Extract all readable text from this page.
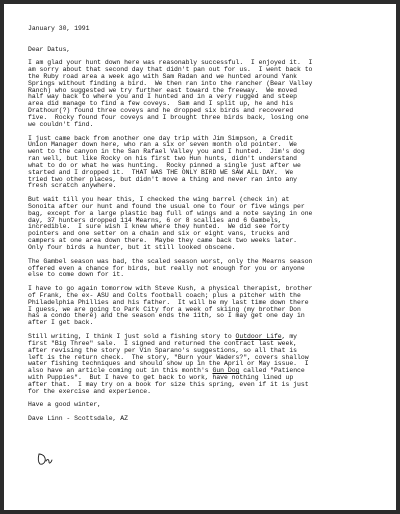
January 30, 1991
Dear Datus,
I am glad your hunt down here was reasonably successful.  I enjoyed it.  I
am sorry about that second day that didn't pan out for us.  I went back to
the Ruby road area a week ago with Sam Radan and we hunted around Yank
Springs without finding a bird.  We then ran into the rancher (Bear Valley
Ranch) who suggested we try further east toward the freeway.  We moved
half way back to where you and I hunted and in a very rugged and steep
area did manage to find a few coveys.  Sam and I split up, he and his
Drathour(?) found three coveys and he dropped six birds and recovered
five.  Rocky found four coveys and I brought three birds back, losing one
we couldn't find.
I just came back from another one day trip with Jim Simpson, a Credit
Union Manager down here, who ran a six or seven month old pointer.  We
went to the canyon in the San Rafael Valley you and I hunted.  Jim's dog
ran well, but like Rocky on his first two Hun hunts, didn't understand
what to do or what he was hunting.  Rocky pinned a single just after we
started and I dropped it.  THAT WAS THE ONLY BIRD WE SAW ALL DAY.  We
tried two other places, but didn't move a thing and never ran into any
fresh scratch anywhere.
But wait till you hear this, I checked the wing barrel (check in) at
Sonoita after our hunt and found the usual one to four or five wings per
bag, except for a large plastic bag full of wings and a note saying in one
day, 37 hunters dropped 114 Mearns, 6 or 8 scallies and 6 Gambels,
incredible.  I sure wish I knew where they hunted.  We did see forty
pointers and one setter on a chain and six or eight vans, trucks and
campers at one area down there.  Maybe they came back two weeks later.
Only four birds a hunter, but it still looked obscene.
The Gambel season was bad, the scaled season worst, only the Mearns season
offered even a chance for birds, but really not enough for you or anyone
else to come down for it.
I have to go again tomorrow with Steve Kush, a physical therapist, brother
of Frank, the ex- ASU and Colts football coach; plus a pitcher with the
Philadelphia Phillies and his father.  It will be my last time down there
I guess, we are going to Park City for a week of skiing (my brother Don
has a condo there) and the season ends the 11th, so I may get one day in
after I get back.
Still writing, I think I just sold a fishing story to Outdoor Life, my
first "Big Three" sale.  I signed and returned the contract last week,
after revising the story per Vin Sparano's suggestions, so all that is
left is the return check.  The story, "Burn your Waders?", covers shallow
water fishing techniques and should show up in the April or May issue.  I
also have an article coming out in this month's Gun Dog called "Patience
with Puppies".  But I have to get back to work, have nothing lined up
after that.  I may try on a book for size this spring, even if it is just
for the exercise and experience.
Have a good winter,
Dave Linn - Scottsdale, AZ
